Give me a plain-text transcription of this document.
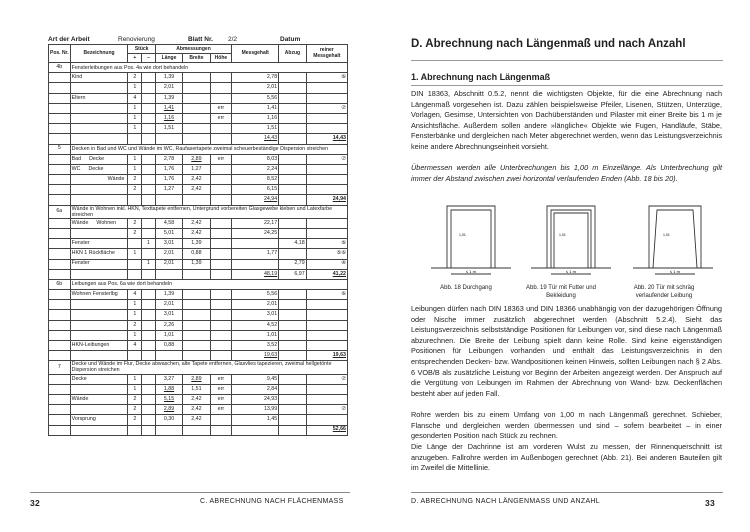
Art der Arbeit	Renovierung	Blatt Nr. 2/2	Datum
Pos. Nr.	Bezeichnung	Stück		Abmessungen			Messgehalt	Abzug	reiner Messgehalt
		+	–	Länge	Breite	Höhe			
4b	Fensterleibungen aus Pos. 4a wie dort behandeln								
	Kind	2		1,39			2,78		⑥
		1		2,01			2,01		
	Eltern	4		1,39			5,56		
		1		1,41		err	1,41		⑦
		1		1,16		err	1,16		
		1		1,51			1,51		
							14,43		14,43
5	Decken in Bad und WC und Wände im WC, Raufasertapete zweimal scheuerbeständige Dispersion streichen								
	Bad Decke	1		2,78	2,89	err	8,03		⑦
	WC Decke	1		1,76	1,27		2,24		
	Wände	2		1,76	2,42		8,52		
		2		1,27	2,42		6,15		
							24,94		24,94
6a	Wände in Wohnen inkl. HKN, Texttapete entfernen, Untergrund vorbereiten Glasgewebe kleben und Latexfarbe streichen								
	Wände Wohnen	2		4,58	2,42		22,17		
		2		5,01	2,42		24,25		
	Fenster		1	3,01	1,39			4,18	⑥
	HKN 1 Rückfläche	1		2,01	0,88		1,77		⑤⑥
	Fenster		1	2,01	1,39			2,79	④
							48,19	6,97	41,22
6b	Leibungen aus Pos. 6a wie dort behandeln								
	Wohnen Fensterlbg	4		1,39			5,56		⑥
		1		2,01			2,01		
		1		3,01			3,01		
		2		2,26			4,52		
		1		1,01			1,01		
	HKN-Leibungen	4		0,88			3,52		
							19,63		19,63
7	Decke und Wände im Flur, Decke abwaschen, alte Tapete entfernen, Glasvlies tapezieren, zweimal hellgetönte Dispersion streichen								
	Decke	1		3,27	2,89	err	9,45		⑦
		1		1,88	1,51	err	2,84		
	Wände	2		5,15	2,42	err	24,93		
		2		2,89	2,42	err	13,99		⑦
	Vorsprung	2		0,30	2,42		1,45		
									52,66
32	C. ABRECHNUNG NACH FLÄCHENMASS
D. Abrechnung nach Längenmaß und nach Anzahl
1. Abrechnung nach Längenmaß
DIN 18363, Abschnitt 0.5.2, nennt die wichtigsten Objekte, für die eine Abrechnung nach Längenmaß vorgesehen ist. Dazu zählen beispielsweise Pfeiler, Lisenen, Stützen, Unterzüge, Vorlagen, Gesimse, Untersichten von Dachüberständen und Pilaster mit einer Breite bis 1 m je Ansichtsfläche. Außerdem sollen andere »längliche« Objekte wie Fugen, Handläufe, Stäbe, Fensterbänke und dergleichen nach Meter abgerechnet werden, wenn das Leistungsverzeichnis keine andere Abrechnungseinheit vorsieht.
Übermessen werden alle Unterbrechungen bis 1,00 m Einzellänge. Als Unterbrechung gilt immer der Abstand zwischen zwei horizontal verlaufenden Enden (Abb. 18 bis 20).
≤ 1 m	≤ 1 m	≤ 1 m
1,01	1,01	1,01
Abb. 18 Durchgang	Abb. 19 Tür mit Futter und Bekleidung
Abb. 20 Tür mit schräg verlaufender Leibung
Leibungen dürfen nach DIN 18363 und DIN 18366 unabhängig von der dazugehörigen Öffnung oder Nische immer zusätzlich abgerechnet werden (Abschnitt 5.2.4). Sieht das Leistungsverzeichnis selbstständige Positionen für Leibungen vor, sind diese nach Längenmaß abzurechnen. Die Breite der Leibung spielt dann keine Rolle. Sind keine eigenständigen Positionen für Leibungen vorhanden und enthält das Leistungsverzeichnis in den entsprechenden Decken- bzw. Wandpositionen keinen Hinweis, sollten Leibungen nach § 2 Abs. 6 VOB/B als zusätzliche Leistung vor Beginn der Arbeiten angezeigt werden. Der Anspruch auf die Vergütung von Leibungen im Rahmen der Abrechnung von Wand- bzw. Deckenflächen besteht aber auf jeden Fall.
Rohre werden bis zu einem Umfang von 1,00 m nach Längenmaß gerechnet. Schieber, Flansche und dergleichen werden übermessen und sind – sofern bearbeitet – in einer gesonderten Position nach Stück zu rechnen.
Die Länge der Dachrinne ist am vorderen Wulst zu messen, der Rinnenquerschnitt ist anzugeben. Fallrohre werden im Außenbogen gerechnet (Abb. 21). Bei anderen Bauteilen gilt im Zweifel die Mittellinie.
D. ABRECHNUNG NACH LÄNGENMASS UND ANZAHL	33
